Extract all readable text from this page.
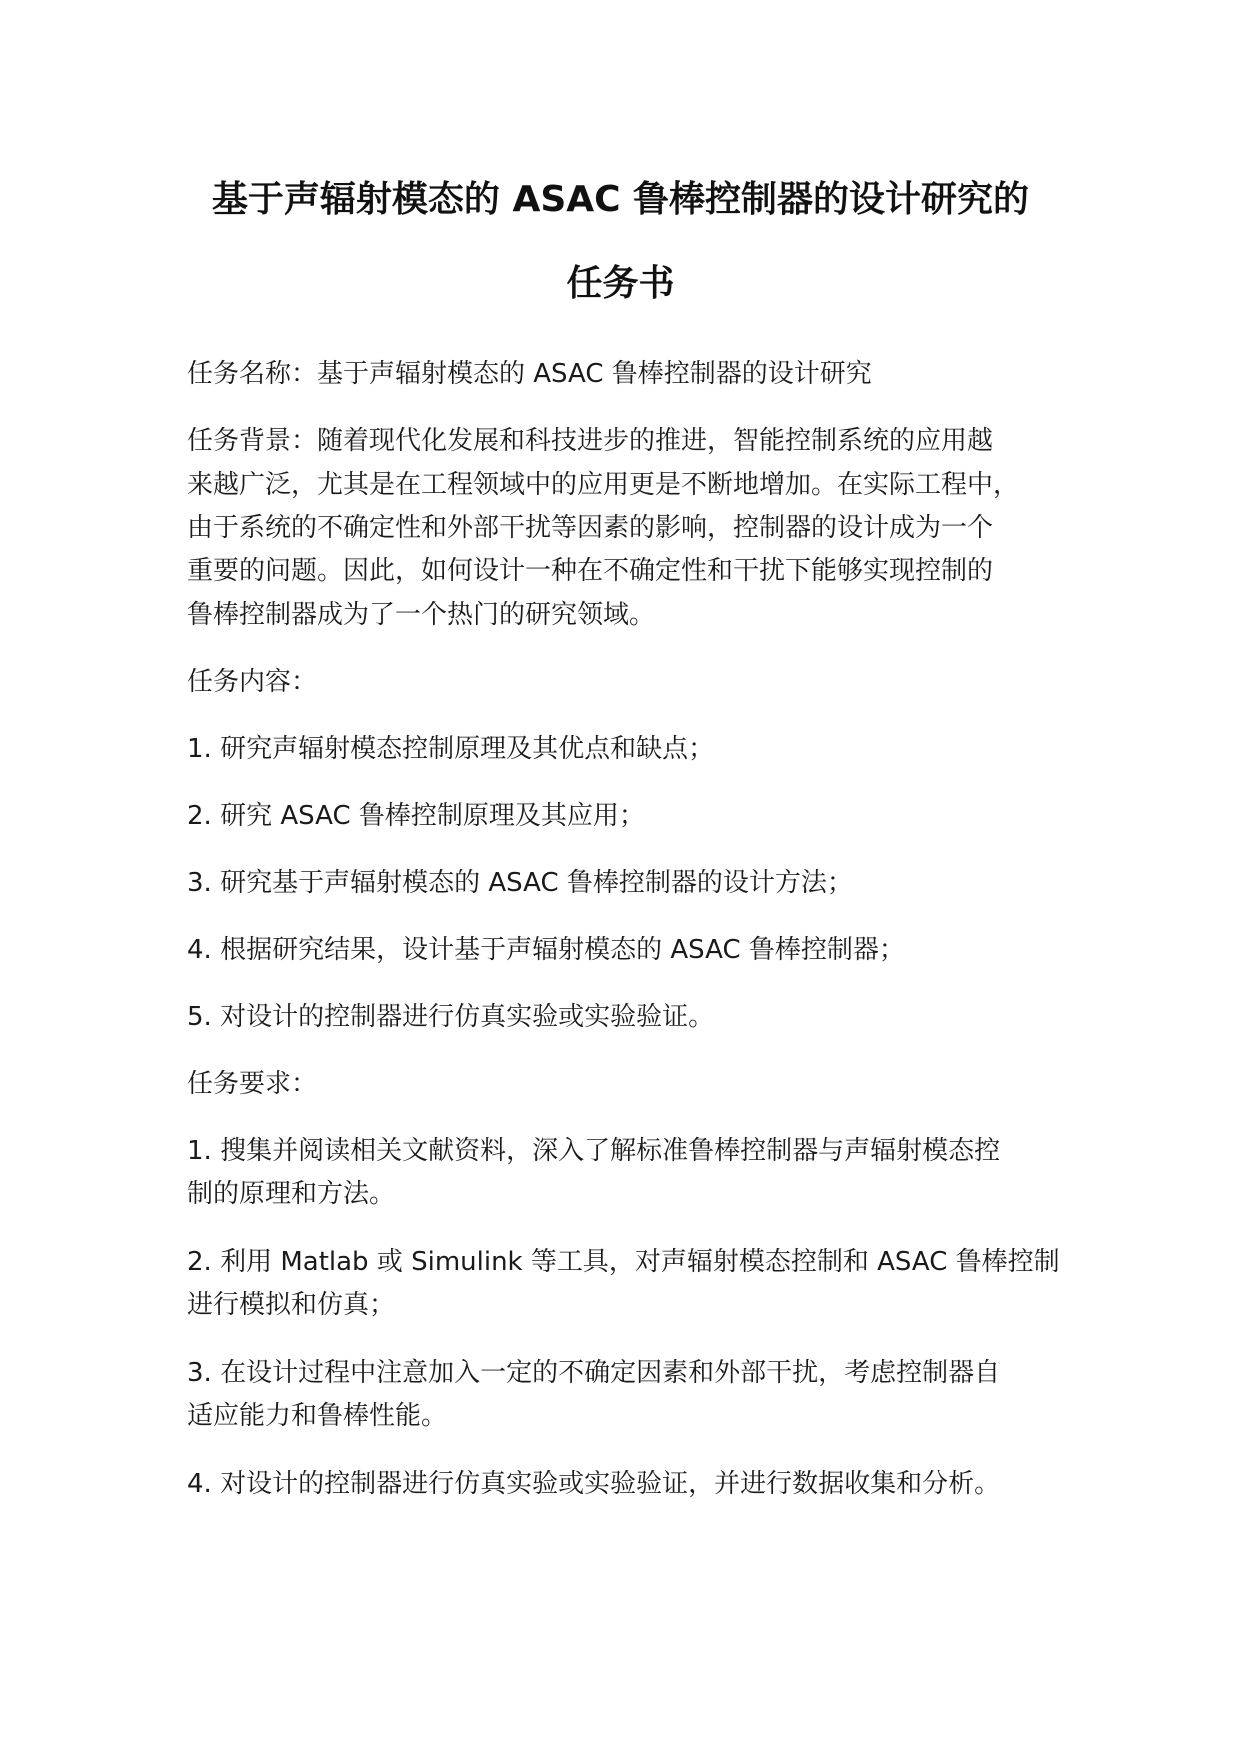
基于声辐射模态的 ASAC 鲁棒控制器的设计研究的
任务书
任务名称：基于声辐射模态的 ASAC 鲁棒控制器的设计研究
任务背景：随着现代化发展和科技进步的推进，智能控制系统的应用越
来越广泛，尤其是在工程领域中的应用更是不断地增加。在实际工程中，
由于系统的不确定性和外部干扰等因素的影响，控制器的设计成为一个
重要的问题。因此，如何设计一种在不确定性和干扰下能够实现控制的
鲁棒控制器成为了一个热门的研究领域。
任务内容：
1. 研究声辐射模态控制原理及其优点和缺点；
2. 研究 ASAC 鲁棒控制原理及其应用；
3. 研究基于声辐射模态的 ASAC 鲁棒控制器的设计方法；
4. 根据研究结果，设计基于声辐射模态的 ASAC 鲁棒控制器；
5. 对设计的控制器进行仿真实验或实验验证。
任务要求：
1. 搜集并阅读相关文献资料，深入了解标准鲁棒控制器与声辐射模态控
制的原理和方法。
2. 利用 Matlab 或 Simulink 等工具，对声辐射模态控制和 ASAC 鲁棒控制
进行模拟和仿真；
3. 在设计过程中注意加入一定的不确定因素和外部干扰，考虑控制器自
适应能力和鲁棒性能。
4. 对设计的控制器进行仿真实验或实验验证，并进行数据收集和分析。
